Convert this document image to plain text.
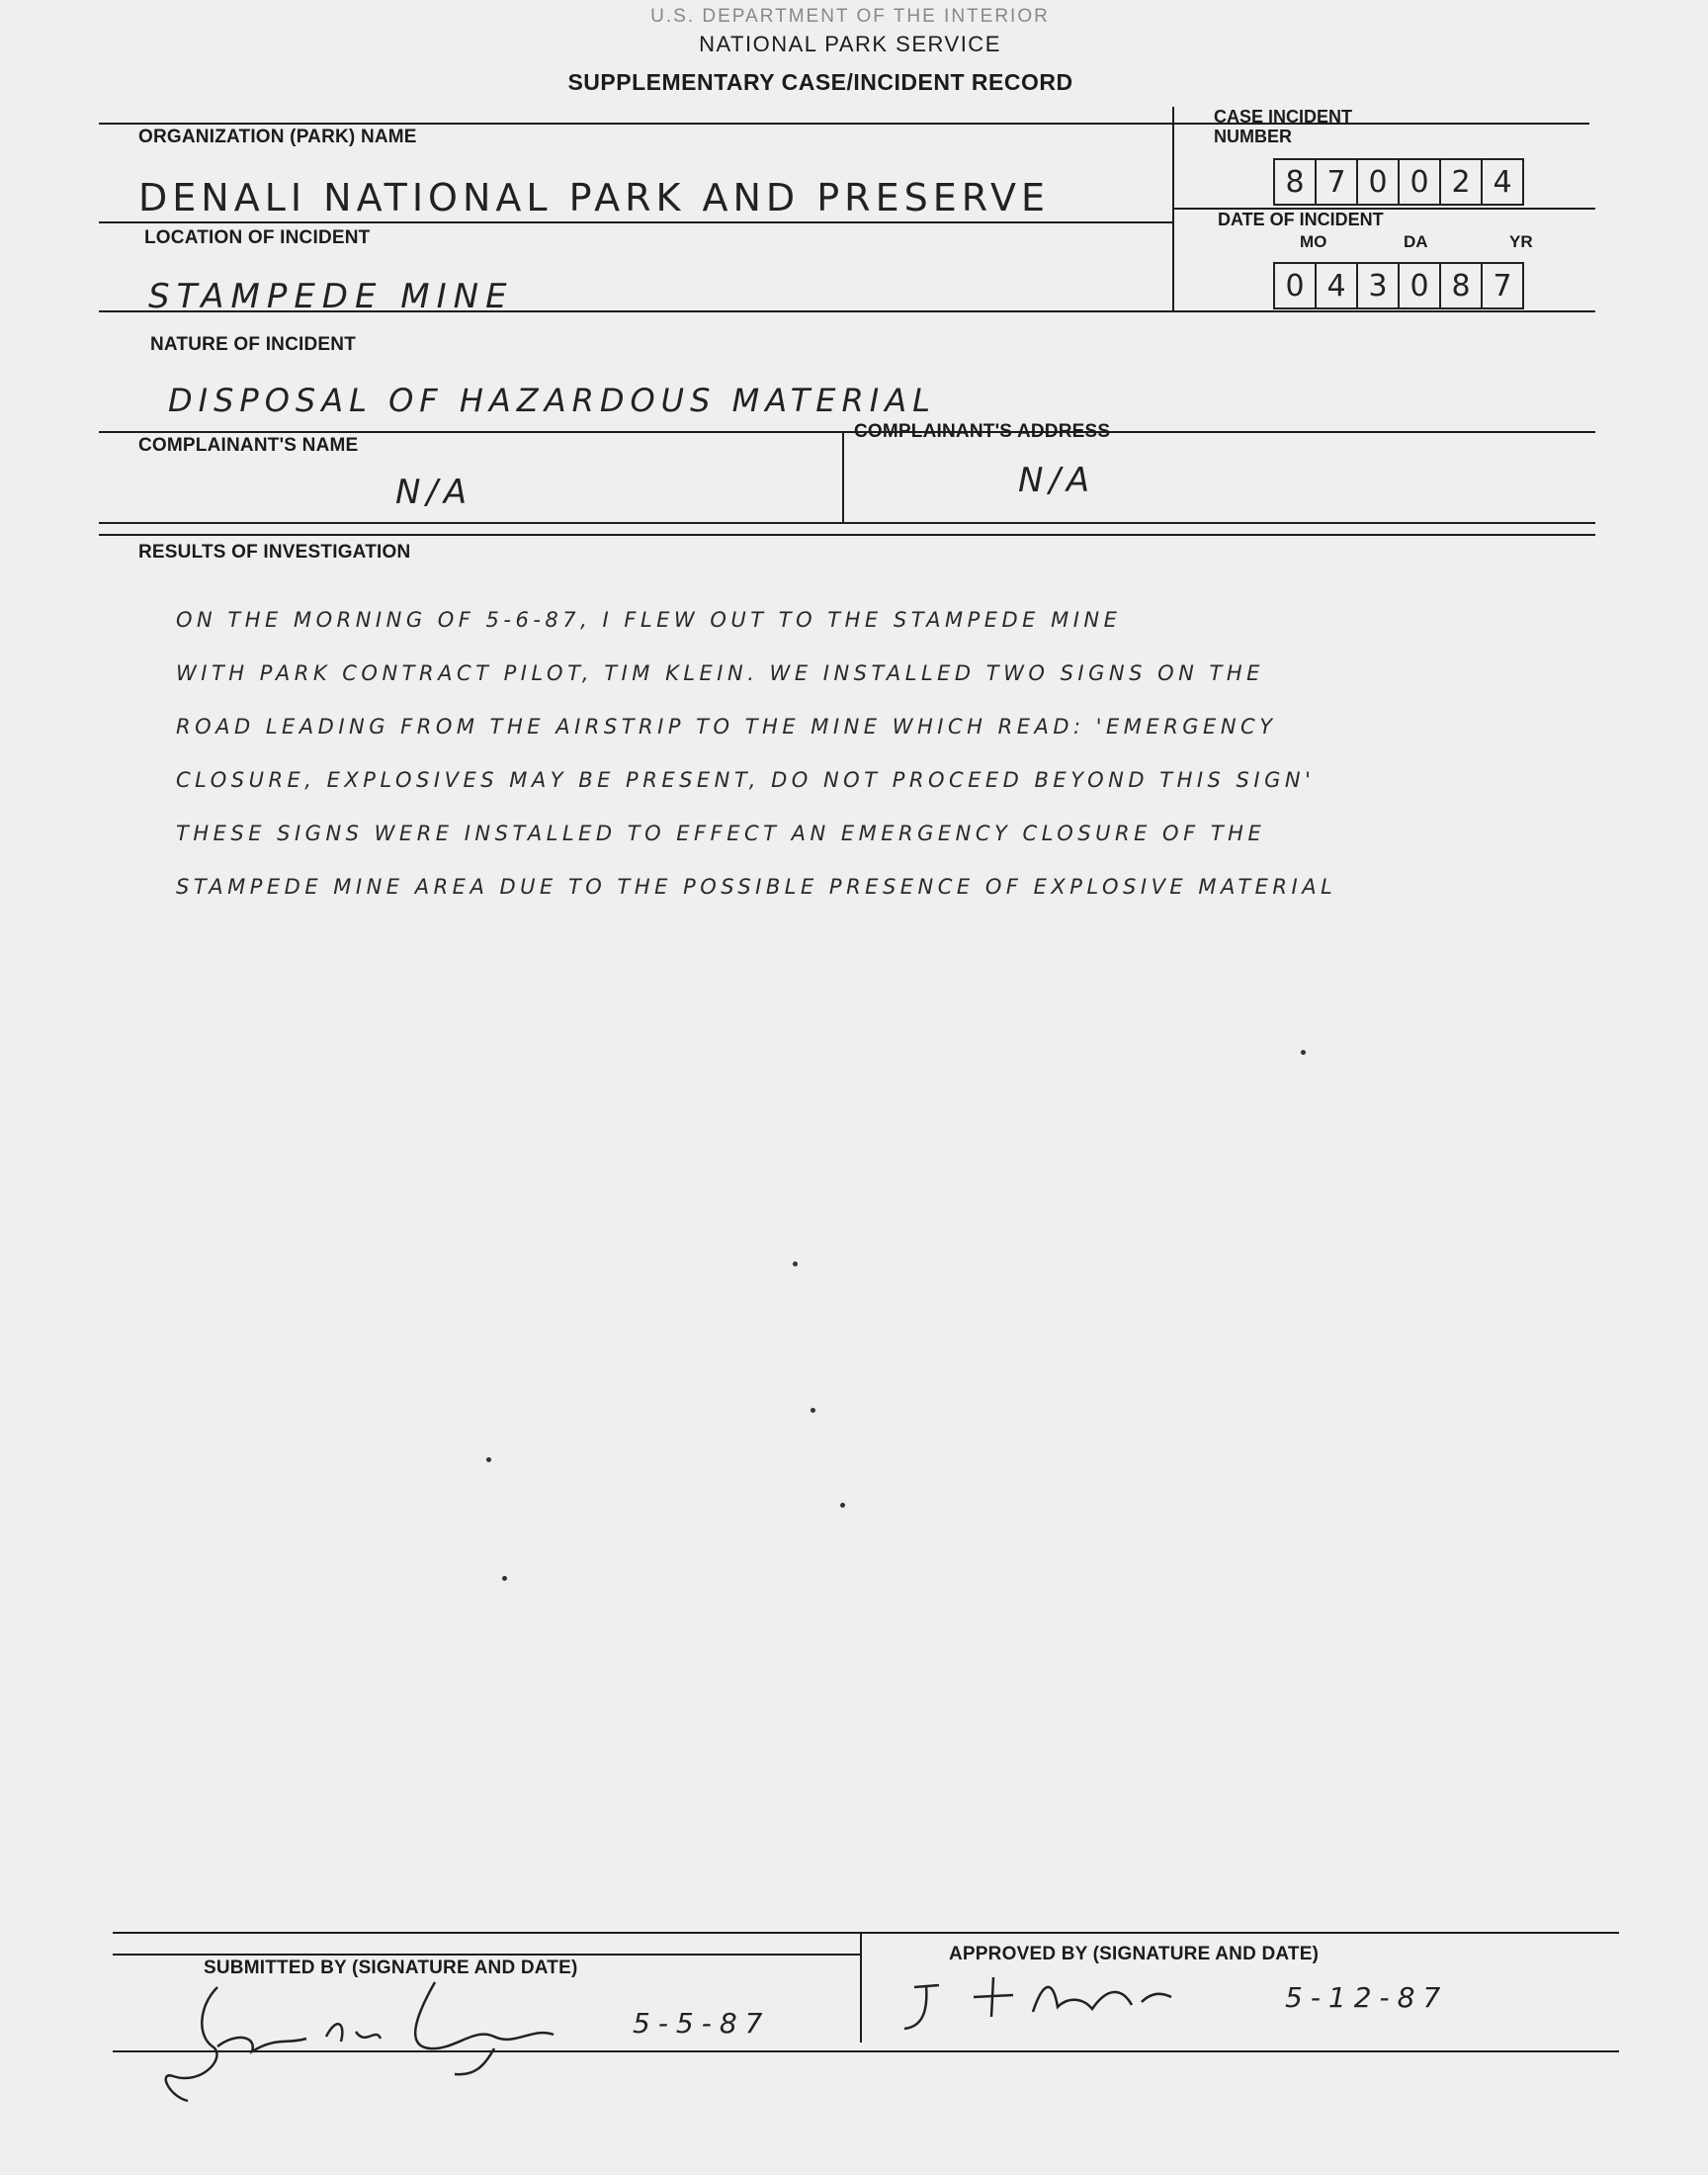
U.S. DEPARTMENT OF THE INTERIOR
NATIONAL PARK SERVICE
SUPPLEMENTARY CASE/INCIDENT RECORD
ORGANIZATION (PARK) NAME
DENALI NATIONAL PARK AND PRESERVE
CASE INCIDENT
NUMBER
8 7 0 0 2 4
DATE OF INCIDENT
MO	DA	YR
0 4 3 0 8 7
LOCATION OF INCIDENT
STAMPEDE MINE
NATURE OF INCIDENT
DISPOSAL OF HAZARDOUS MATERIAL
COMPLAINANT'S NAME
N/A
COMPLAINANT'S ADDRESS
N/A
RESULTS OF INVESTIGATION
ON THE MORNING OF 5-6-87, I FLEW OUT TO THE STAMPEDE MINE
WITH PARK CONTRACT PILOT, TIM KLEIN. WE INSTALLED TWO SIGNS ON THE
ROAD LEADING FROM THE AIRSTRIP TO THE MINE WHICH READ: 'EMERGENCY
CLOSURE, EXPLOSIVES MAY BE PRESENT, DO NOT PROCEED BEYOND THIS SIGN'
THESE SIGNS WERE INSTALLED TO EFFECT AN EMERGENCY CLOSURE OF THE
STAMPEDE MINE AREA DUE TO THE POSSIBLE PRESENCE OF EXPLOSIVE MATERIAL
SUBMITTED BY (SIGNATURE AND DATE)
APPROVED BY (SIGNATURE AND DATE)
5-5-87
5-12-87
